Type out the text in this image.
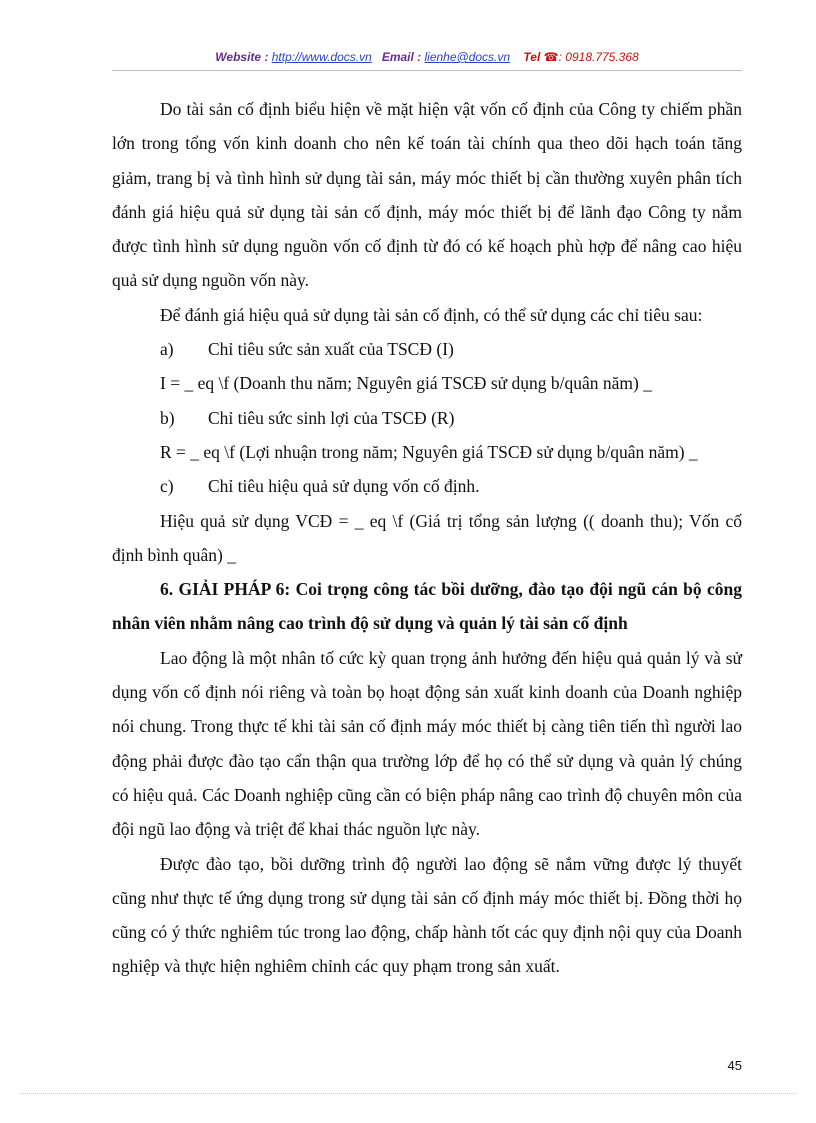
Website : http://www.docs.vn Email : lienhe@docs.vn Tel ☎: 0918.775.368

Do tài sản cố định biểu hiện về mặt hiện vật vốn cố định của Công ty chiếm phần lớn trong tổng vốn kinh doanh cho nên kế toán tài chính qua theo dõi hạch toán tăng giảm, trang bị và tình hình sử dụng tài sản, máy móc thiết bị cần thường xuyên phân tích đánh giá hiệu quả sử dụng tài sản cố định, máy móc thiết bị để lãnh đạo Công ty nắm được tình hình sử dụng nguồn vốn cố định từ đó có kế hoạch phù hợp để nâng cao hiệu quả sử dụng nguồn vốn này.

Để đánh giá hiệu quả sử dụng tài sản cố định, có thể sử dụng các chỉ tiêu sau:

a) Chỉ tiêu sức sản xuất của TSCĐ (I)

I = _ eq \f (Doanh thu năm; Nguyên giá TSCĐ sử dụng b/quân năm) _

b) Chỉ tiêu sức sinh lợi của TSCĐ (R)

R = _ eq \f (Lợi nhuận trong năm; Nguyên giá TSCĐ sử dụng b/quân năm) _

c) Chỉ tiêu hiệu quả sử dụng vốn cố định.

Hiệu quả sử dụng VCĐ = _ eq \f (Giá trị tổng sản lượng (( doanh thu); Vốn cố định bình quân) _

6. GIẢI PHÁP 6: Coi trọng công tác bồi dưỡng, đào tạo đội ngũ cán bộ công nhân viên nhằm nâng cao trình độ sử dụng và quản lý tài sản cố định

Lao động là một nhân tố cức kỳ quan trọng ảnh hưởng đến hiệu quả quản lý và sử dụng vốn cố định nói riêng và toàn bọ hoạt động sản xuất kinh doanh của Doanh nghiệp nói chung. Trong thực tế khi tài sản cố định máy móc thiết bị càng tiên tiến thì người lao động phải được đào tạo cẩn thận qua trường lớp để họ có thể sử dụng và quản lý chúng có hiệu quả. Các Doanh nghiệp cũng cần có biện pháp nâng cao trình độ chuyên môn của đội ngũ lao động và triệt để khai thác nguồn lực này.

Được đào tạo, bồi dưỡng trình độ người lao động sẽ nắm vững được lý thuyết cũng như thực tế ứng dụng trong sử dụng tài sản cố định máy móc thiết bị. Đồng thời họ cũng có ý thức nghiêm túc trong lao động, chấp hành tốt các quy định nội quy của Doanh nghiệp và thực hiện nghiêm chỉnh các quy phạm trong sản xuất.

45
